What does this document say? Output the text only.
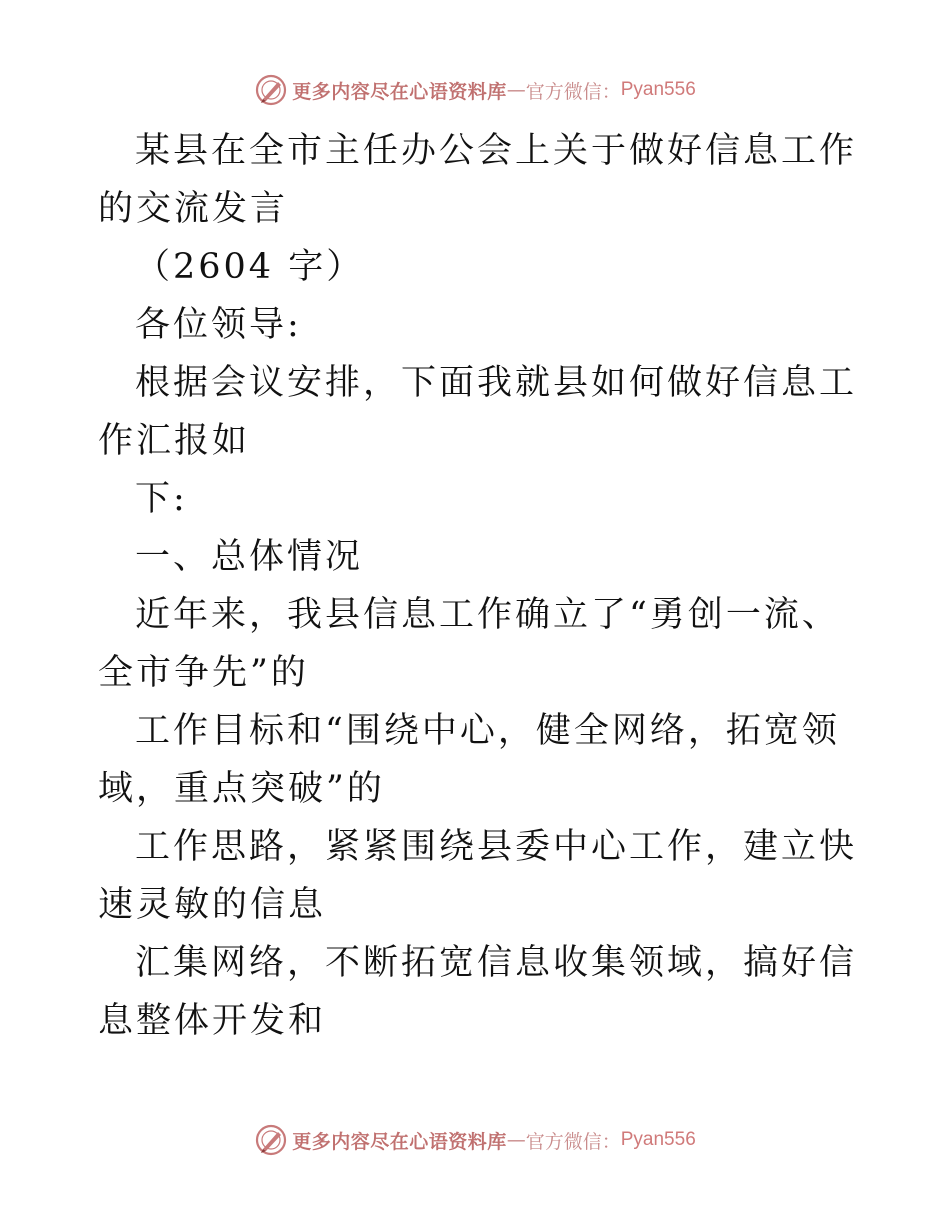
更多内容尽在心语资料库 — 官方微信： Pyan556

某县在全市主任办公会上关于做好信息工作的交流发言

（2604 字）

各位领导:

根据会议安排，下面我就县如何做好信息工作汇报如

下:

一、总体情况

近年来，我县信息工作确立了“勇创一流、全市争先”的

工作目标和“围绕中心，健全网络，拓宽领域，重点突破”的

工作思路，紧紧围绕县委中心工作，建立快速灵敏的信息

汇集网络，不断拓宽信息收集领域，搞好信息整体开发和

更多内容尽在心语资料库 — 官方微信： Pyan556
